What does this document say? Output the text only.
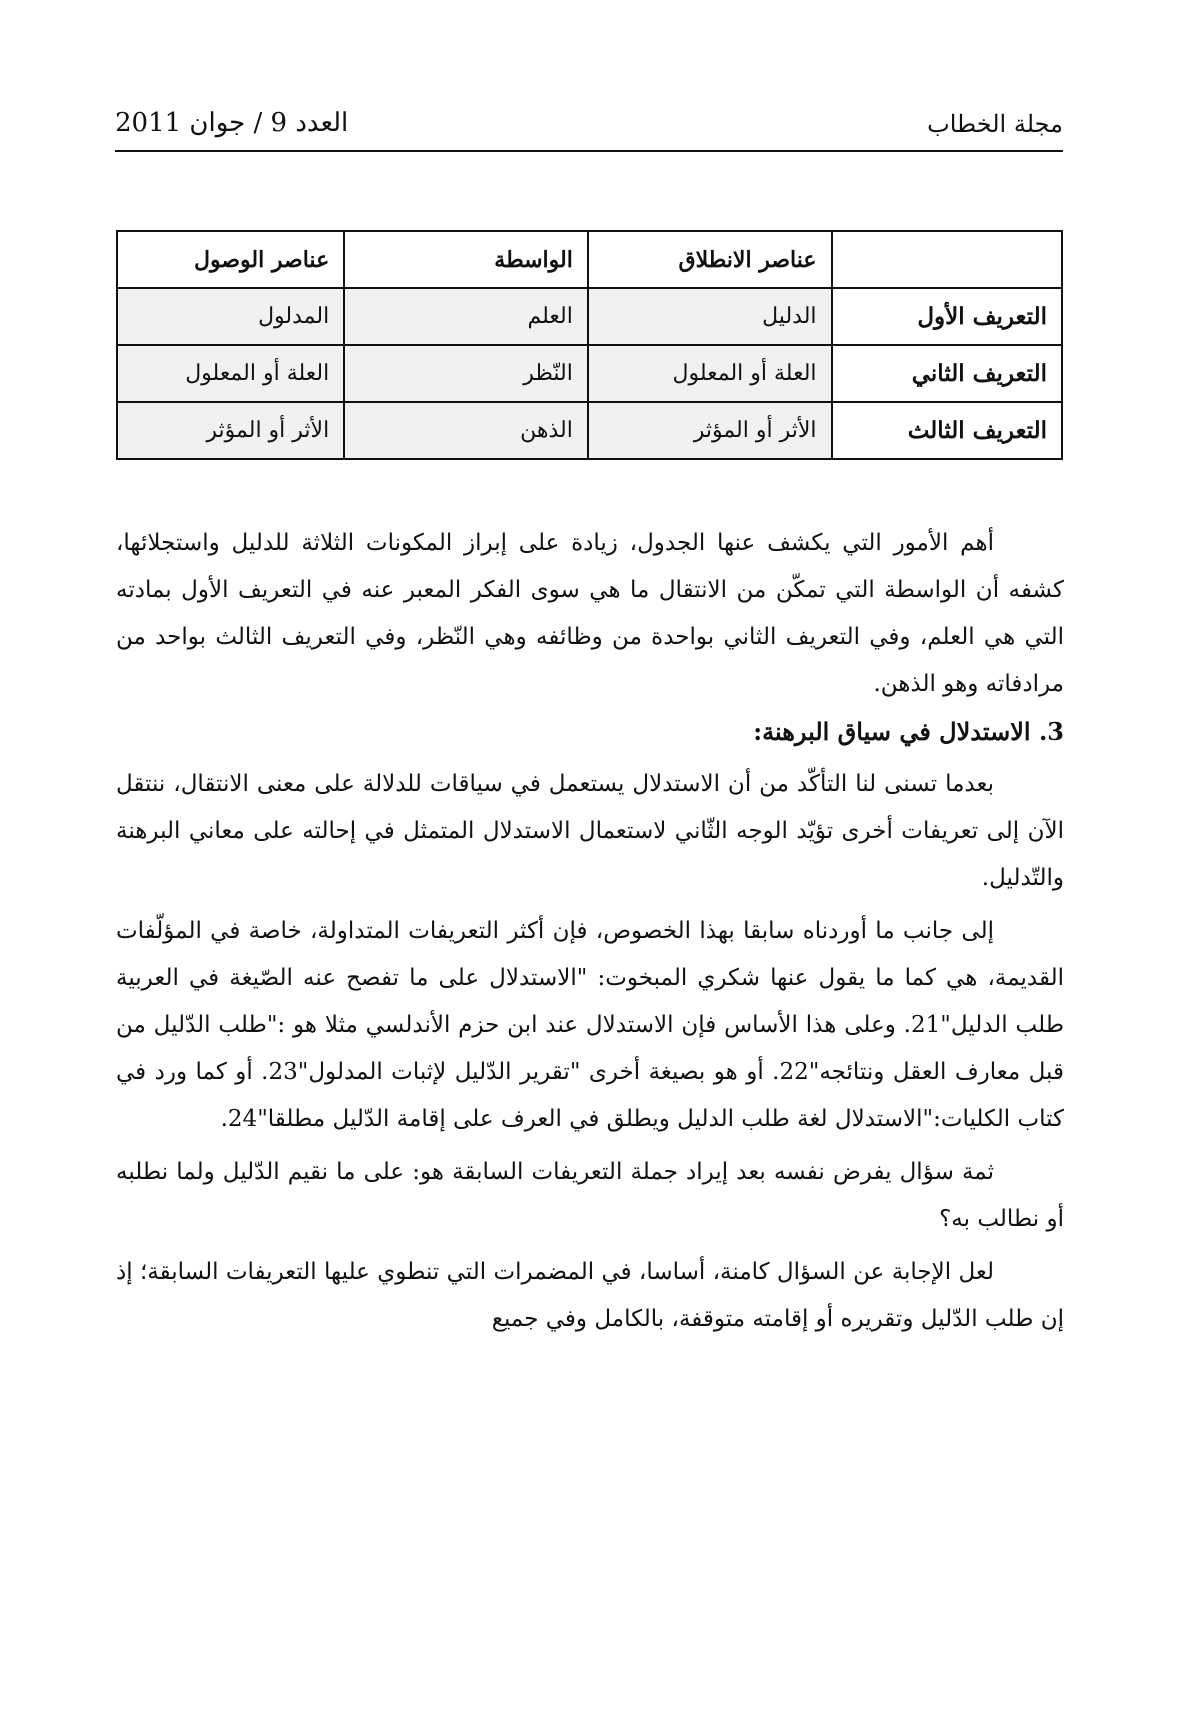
مجلة الخطاب
العدد 9 / جوان 2011
	عناصر الانطلاق	الواسطة	عناصر الوصول
التعريف الأول	الدليل	العلم	المدلول
التعريف الثاني	العلة أو المعلول	النّظر	العلة أو المعلول
التعريف الثالث	الأثر أو المؤثر	الذهن	الأثر أو المؤثر

أهم الأمور التي يكشف عنها الجدول، زيادة على إبراز المكونات الثلاثة للدليل واستجلائها، كشفه أن الواسطة التي تمكّن من الانتقال ما هي سوى الفكر المعبر عنه في التعريف الأول بمادته التي هي العلم، وفي التعريف الثاني بواحدة من وظائفه وهي النّظر، وفي التعريف الثالث بواحد من مرادفاته وهو الذهن.

3. الاستدلال في سياق البرهنة:

بعدما تسنى لنا التأكّد من أن الاستدلال يستعمل في سياقات للدلالة على معنى الانتقال، ننتقل الآن إلى تعريفات أخرى تؤيّد الوجه الثّاني لاستعمال الاستدلال المتمثل في إحالته على معاني البرهنة والتّدليل.

إلى جانب ما أوردناه سابقا بهذا الخصوص، فإن أكثر التعريفات المتداولة، خاصة في المؤلّفات القديمة، هي كما ما يقول عنها شكري المبخوت: "الاستدلال على ما تفصح عنه الصّيغة في العربية طلب الدليل"21. وعلى هذا الأساس فإن الاستدلال عند ابن حزم الأندلسي مثلا هو :"طلب الدّليل من قبل معارف العقل ونتائجه"22. أو هو بصيغة أخرى "تقرير الدّليل لإثبات المدلول"23. أو كما ورد في كتاب الكليات:"الاستدلال لغة طلب الدليل ويطلق في العرف على إقامة الدّليل مطلقا"24.

ثمة سؤال يفرض نفسه بعد إيراد جملة التعريفات السابقة هو: على ما نقيم الدّليل ولما نطلبه أو نطالب به؟

لعل الإجابة عن السؤال كامنة، أساسا، في المضمرات التي تنطوي عليها التعريفات السابقة؛ إذ إن طلب الدّليل وتقريره أو إقامته متوقفة، بالكامل وفي جميع
